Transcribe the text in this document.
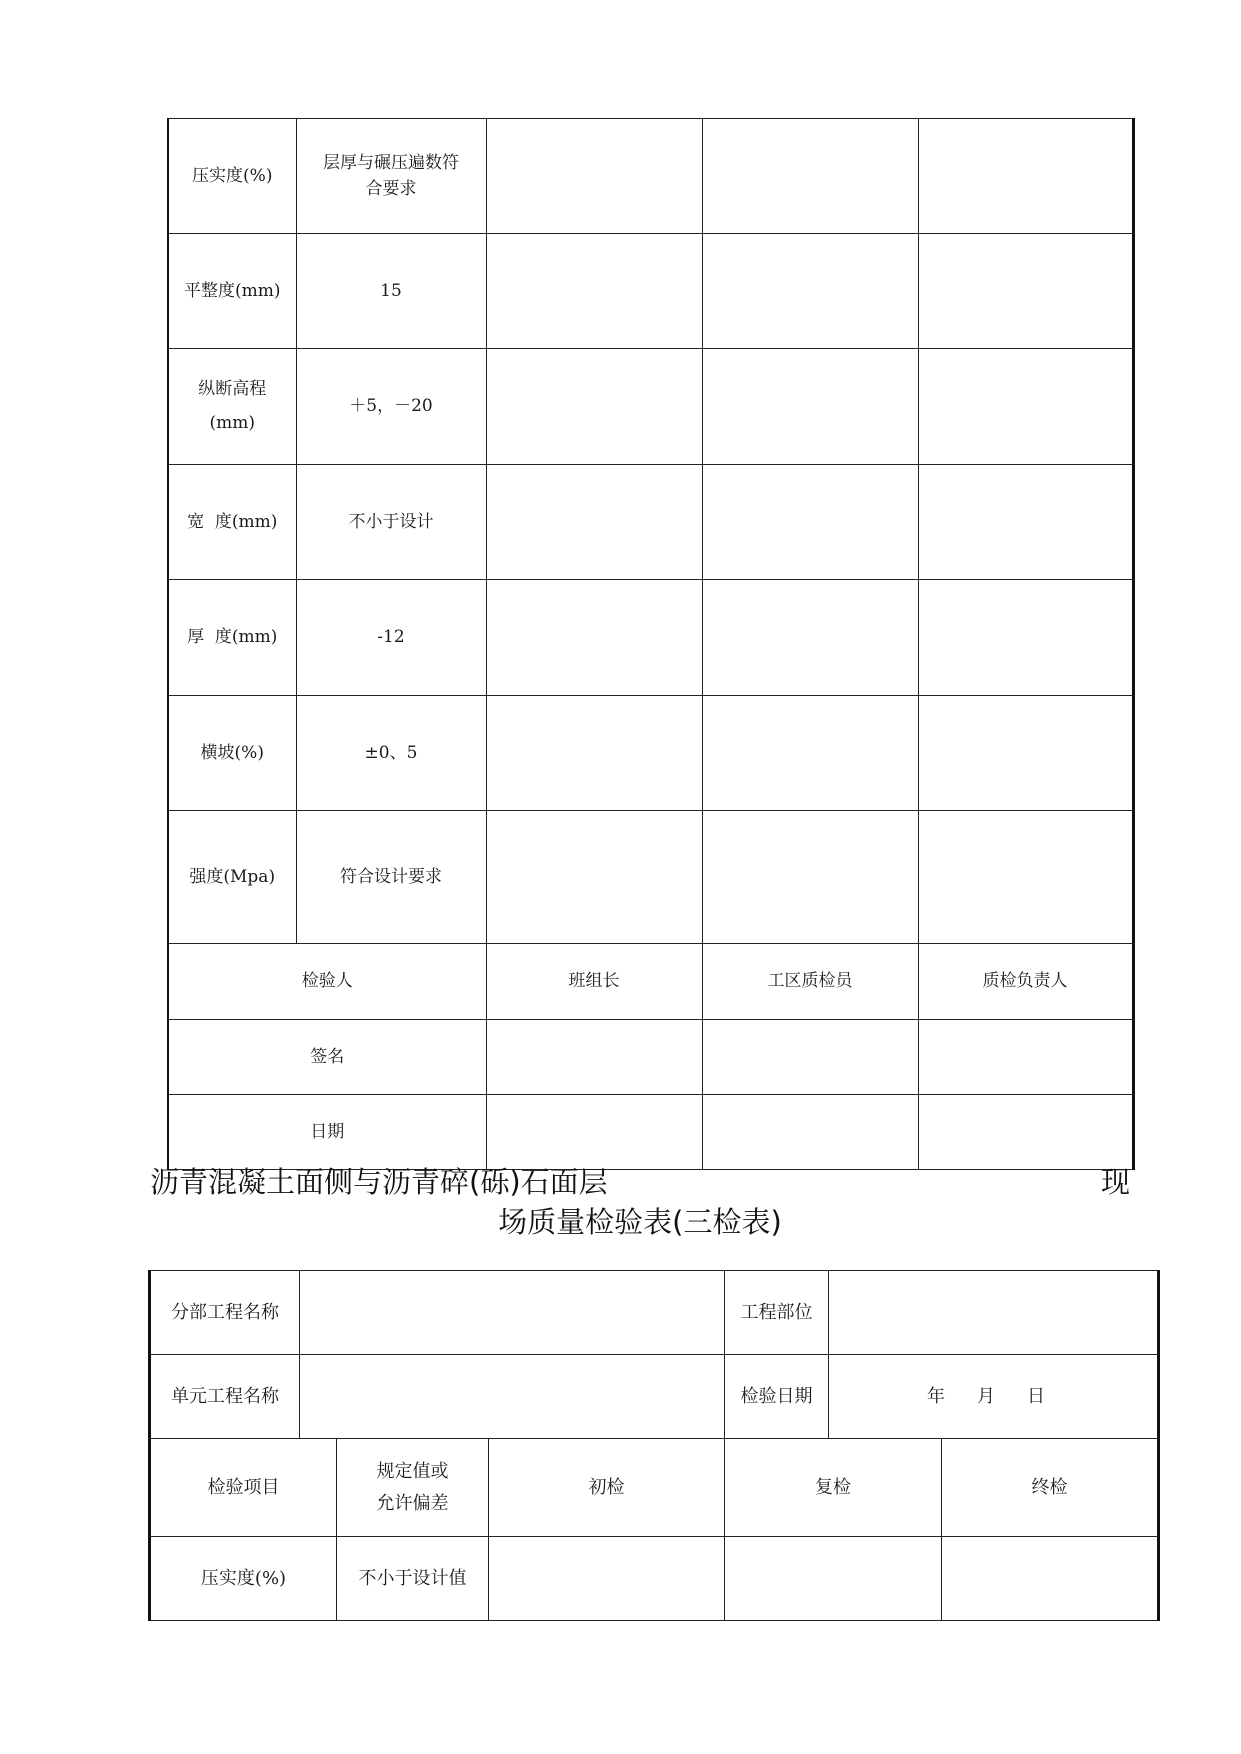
压实度(%)	层厚与碾压遍数符合要求			
平整度(mm)	15			
纵断高程(mm)	＋5，－20			
宽  度(mm)	不小于设计			
厚  度(mm)	-12			
横坡(%)	±0、5			
强度(Mpa)	符合设计要求			
检验人		班组长	工区质检员	质检负责人
签名				
日期				
沥青混凝土面侧与沥青碎(砾)石面层	现
场质量检验表(三检表)
分部工程名称				工程部位		
单元工程名称				检验日期	年 月 日	
检验项目		规定值或允许偏差	初检	复检		终检
压实度(%)		不小于设计值				
